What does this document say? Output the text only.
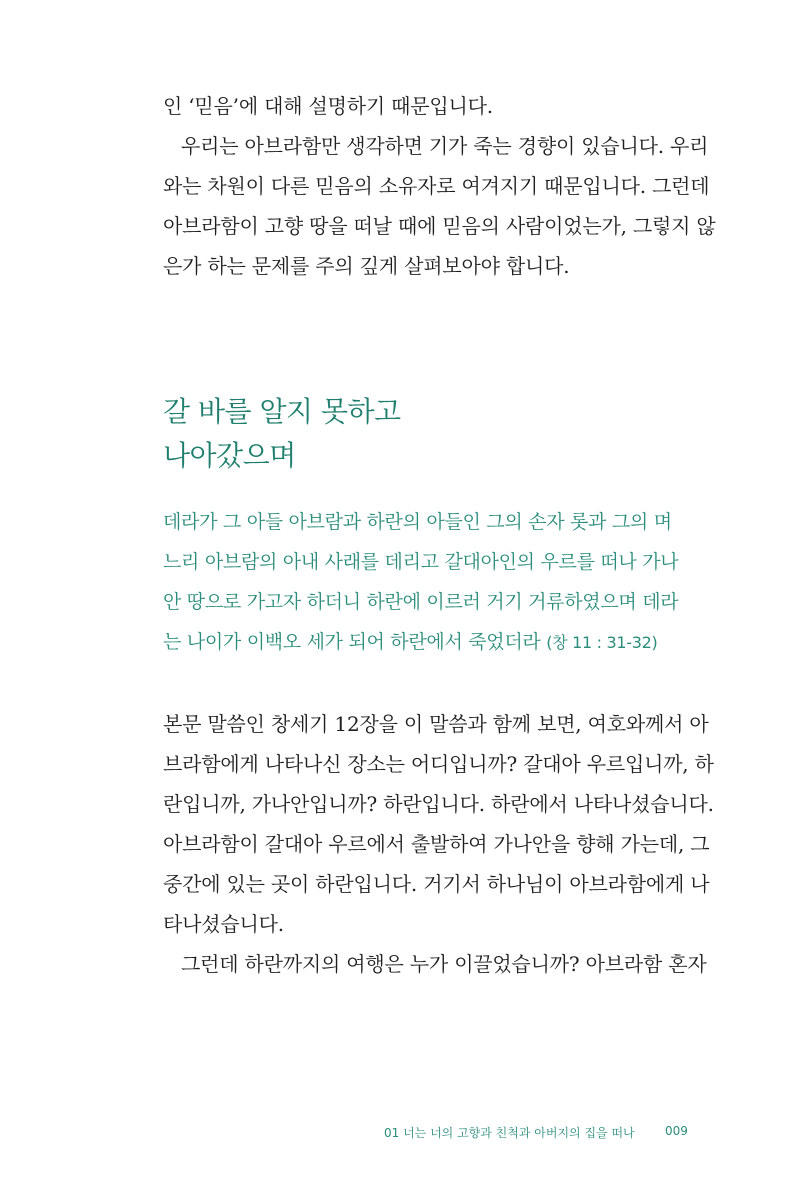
인 ‘믿음’에 대해 설명하기 때문입니다.
우리는 아브라함만 생각하면 기가 죽는 경향이 있습니다. 우리
와는 차원이 다른 믿음의 소유자로 여겨지기 때문입니다. 그런데
아브라함이 고향 땅을 떠날 때에 믿음의 사람이었는가, 그렇지 않
은가 하는 문제를 주의 깊게 살펴보아야 합니다.
갈 바를 알지 못하고
나아갔으며
데라가 그 아들 아브람과 하란의 아들인 그의 손자 롯과 그의 며
느리 아브람의 아내 사래를 데리고 갈대아인의 우르를 떠나 가나
안 땅으로 가고자 하더니 하란에 이르러 거기 거류하였으며 데라
는 나이가 이백오 세가 되어 하란에서 죽었더라 (창 11 : 31-32)
본문 말씀인 창세기 12장을 이 말씀과 함께 보면, 여호와께서 아
브라함에게 나타나신 장소는 어디입니까? 갈대아 우르입니까, 하
란입니까, 가나안입니까? 하란입니다. 하란에서 나타나셨습니다.
아브라함이 갈대아 우르에서 출발하여 가나안을 향해 가는데, 그
중간에 있는 곳이 하란입니다. 거기서 하나님이 아브라함에게 나
타나셨습니다.
그런데 하란까지의 여행은 누가 이끌었습니까? 아브라함 혼자
01 너는 너의 고향과 친척과 아버지의 집을 떠나	009
